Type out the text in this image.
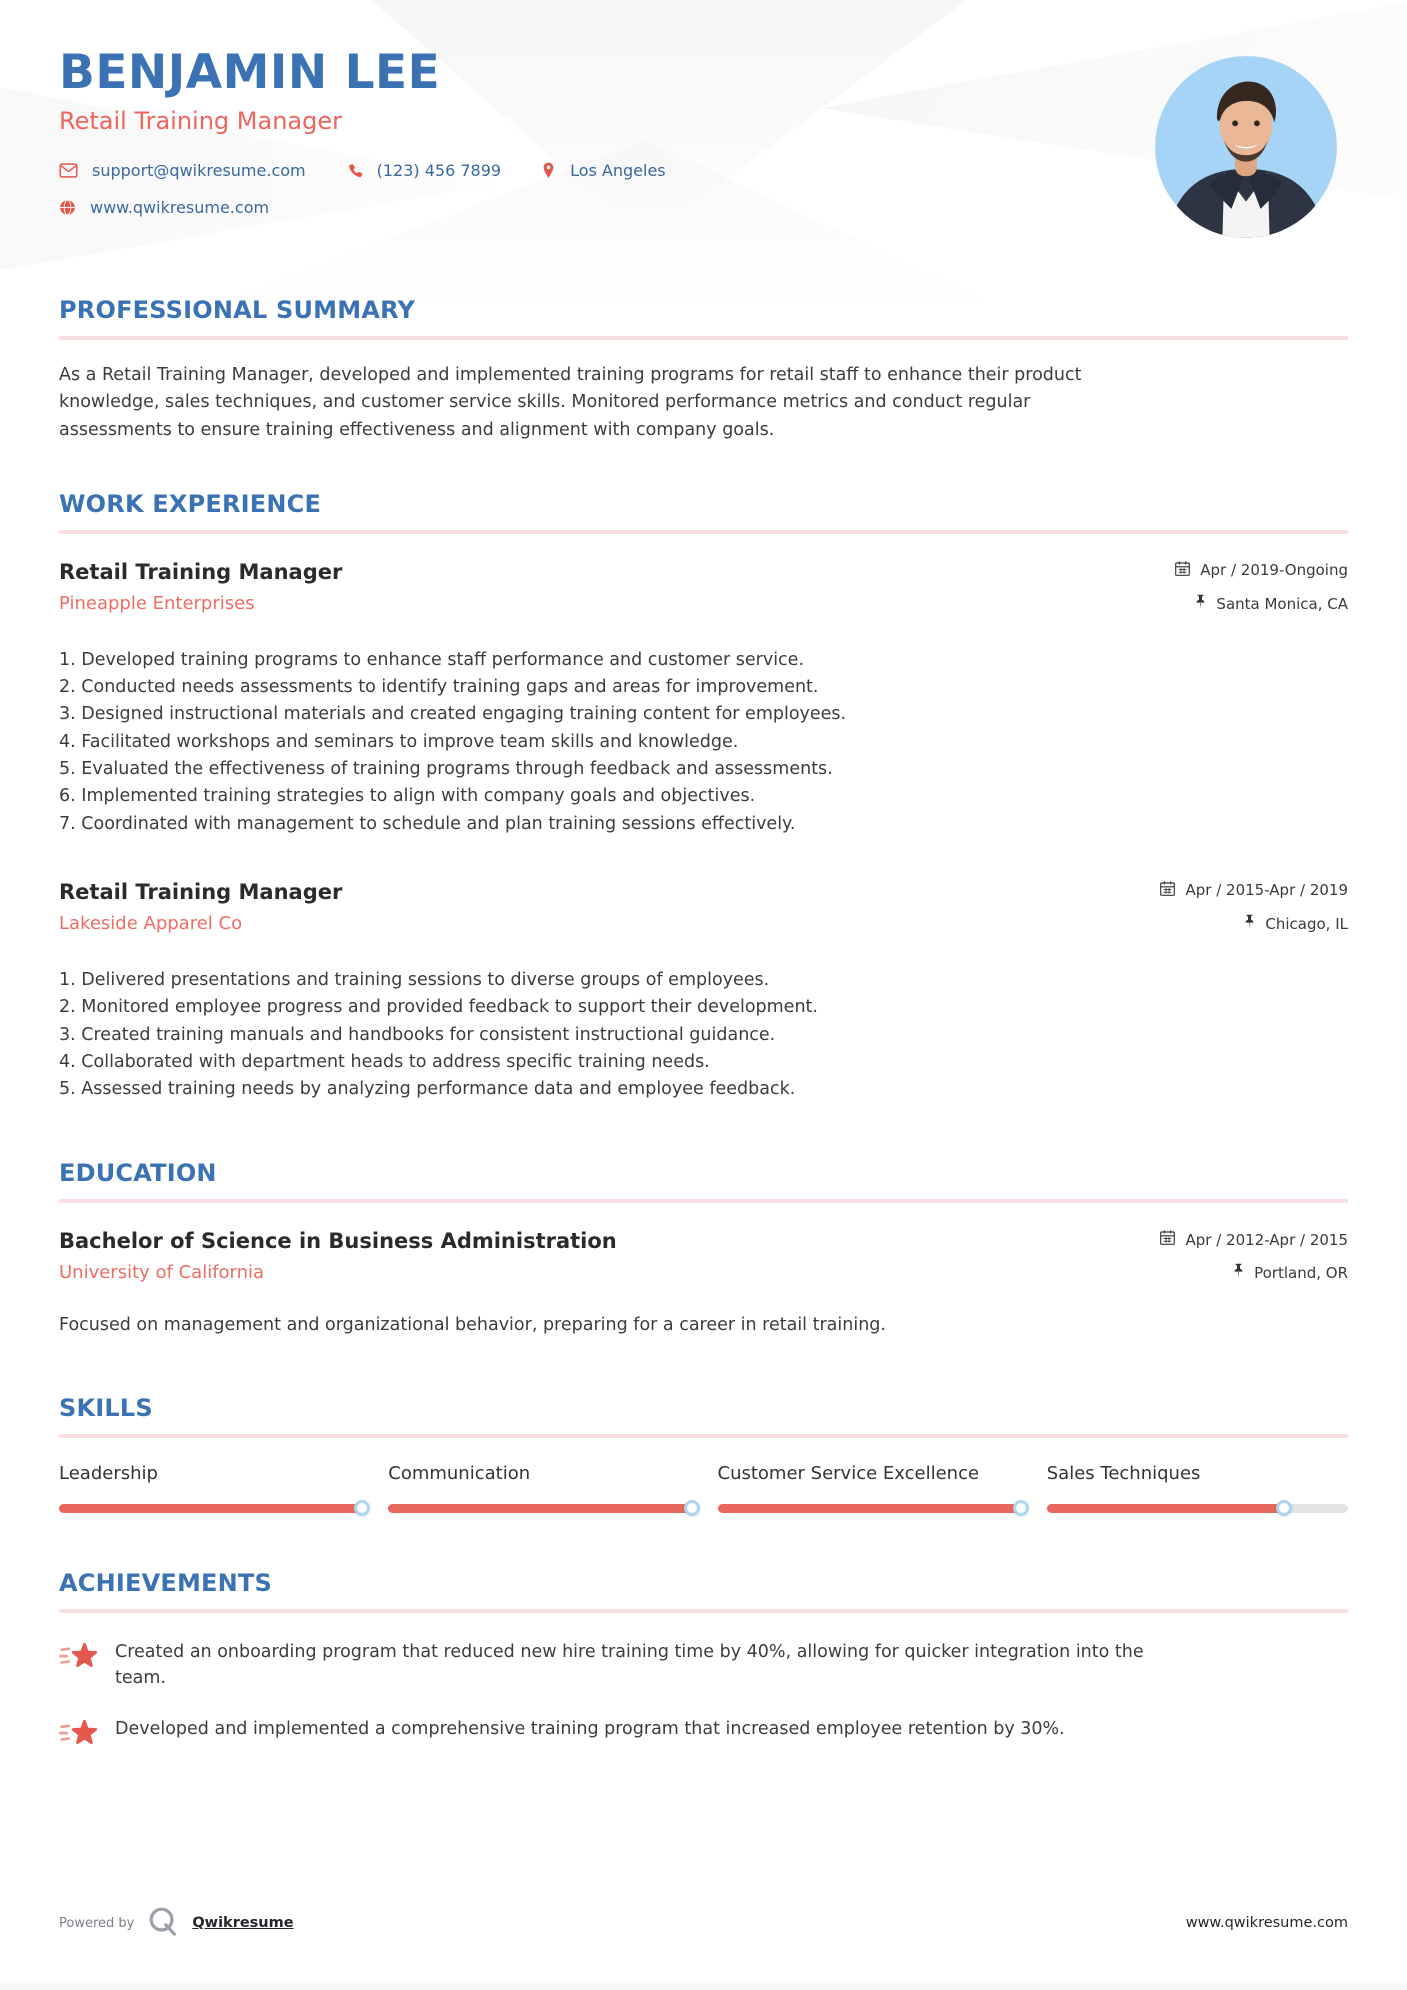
BENJAMIN LEE
Retail Training Manager
support@qwikresume.com	(123) 456 7899	Los Angeles
www.qwikresume.com
PROFESSIONAL SUMMARY

As a Retail Training Manager, developed and implemented training programs for retail staff to enhance their product knowledge, sales techniques, and customer service skills. Monitored performance metrics and conduct regular assessments to ensure training effectiveness and alignment with company goals.

WORK EXPERIENCE
Retail Training Manager
Pineapple Enterprises
Apr / 2019-Ongoing
Santa Monica, CA
Developed training programs to enhance staff performance and customer service.
Conducted needs assessments to identify training gaps and areas for improvement.
Designed instructional materials and created engaging training content for employees.
Facilitated workshops and seminars to improve team skills and knowledge.
Evaluated the effectiveness of training programs through feedback and assessments.
Implemented training strategies to align with company goals and objectives.
Coordinated with management to schedule and plan training sessions effectively.
Retail Training Manager
Lakeside Apparel Co
Apr / 2015-Apr / 2019
Chicago, IL
Delivered presentations and training sessions to diverse groups of employees.
Monitored employee progress and provided feedback to support their development.
Created training manuals and handbooks for consistent instructional guidance.
Collaborated with department heads to address specific training needs.
Assessed training needs by analyzing performance data and employee feedback.
EDUCATION
Bachelor of Science in Business Administration
University of California
Apr / 2012-Apr / 2015
Portland, OR

Focused on management and organizational behavior, preparing for a career in retail training.

SKILLS
Leadership	Communication	Customer Service Excellence	Sales Techniques
ACHIEVEMENTS
Created an onboarding program that reduced new hire training time by 40%, allowing for quicker integration into the team.
Developed and implemented a comprehensive training program that increased employee retention by 30%.
Powered by	Qwikresume	www.qwikresume.com
